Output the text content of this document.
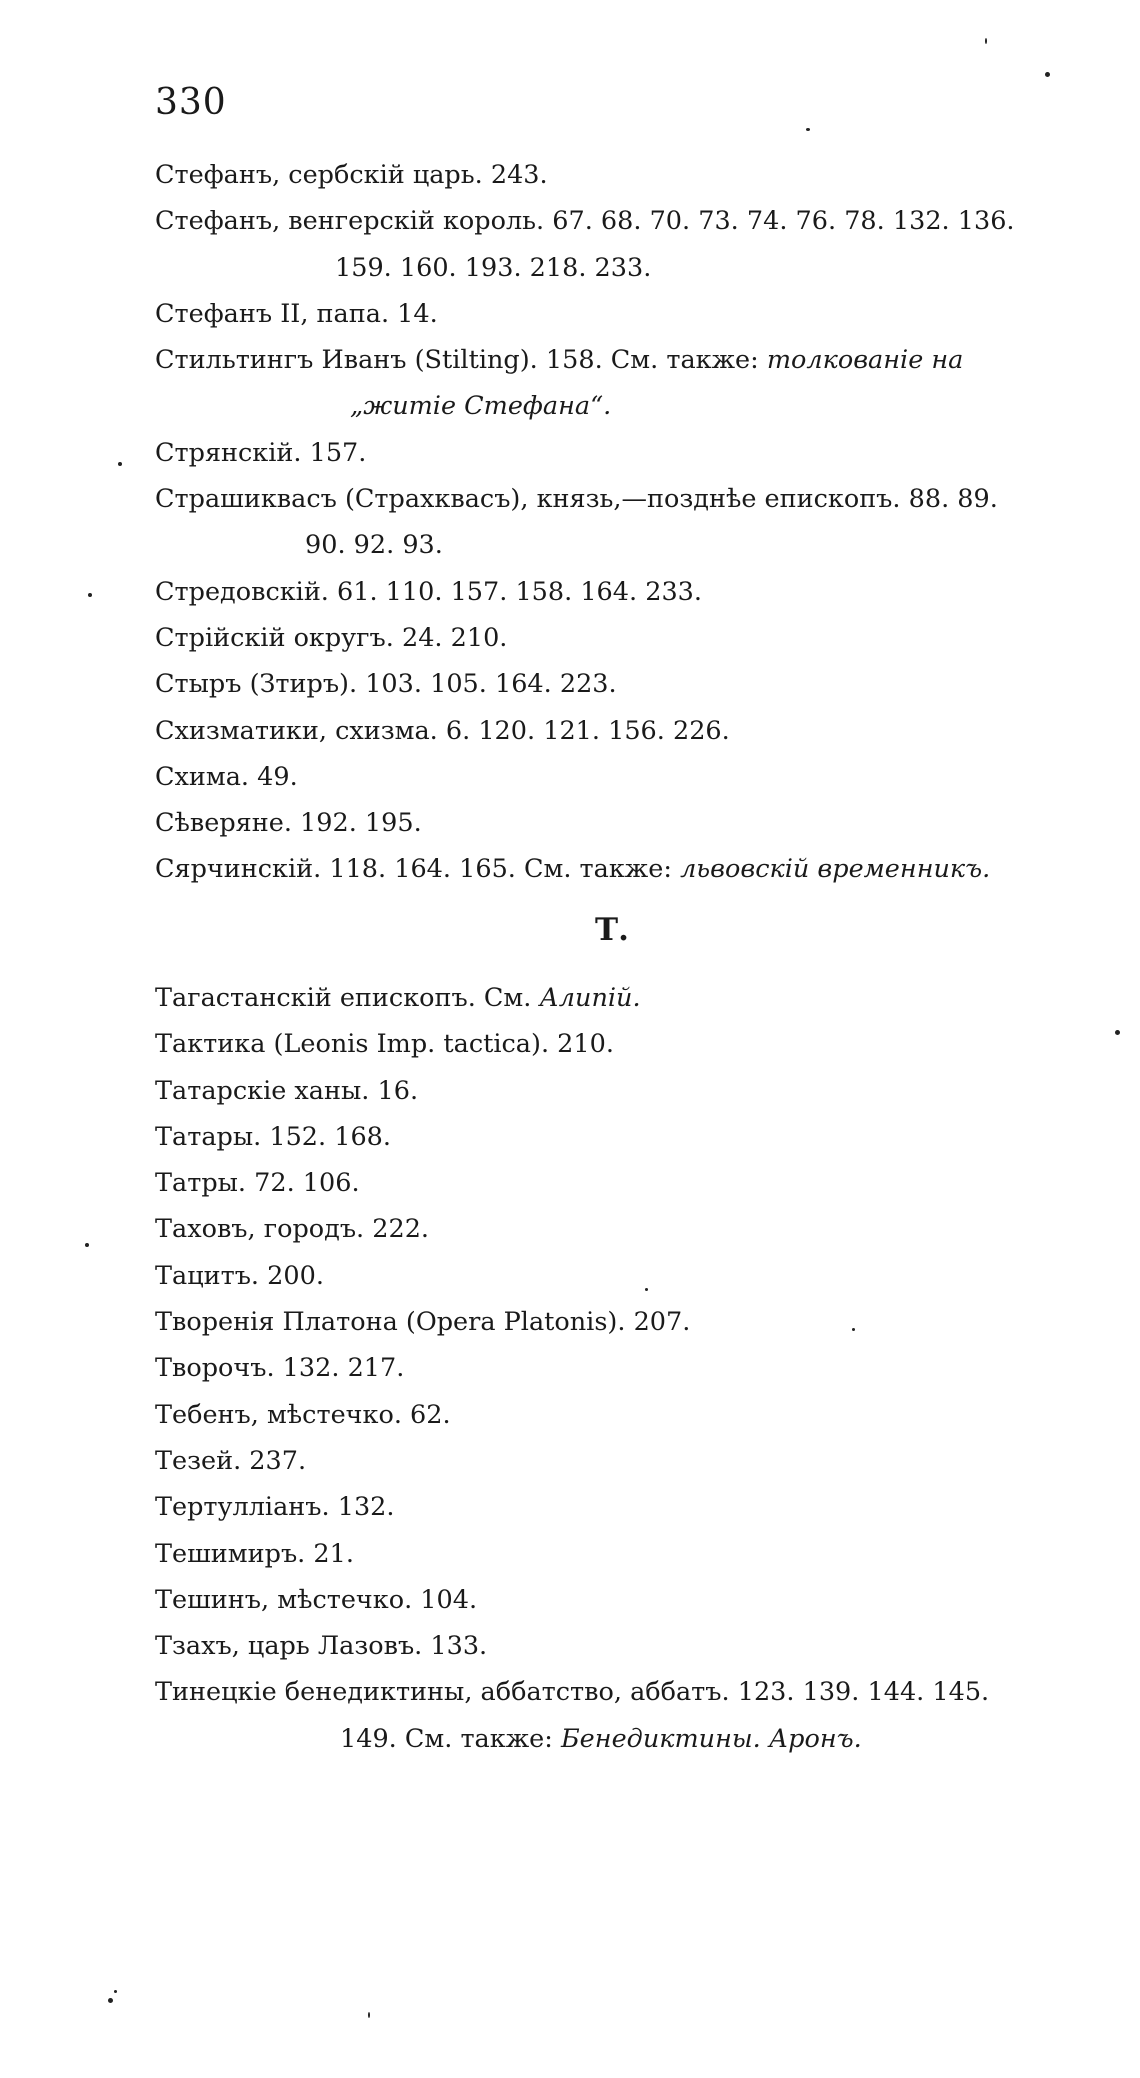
330
Стефанъ, сербскій царь. 243.
Стефанъ, венгерскій король. 67. 68. 70. 73. 74. 76. 78. 132. 136.
159. 160. 193. 218. 233.
Стефанъ II, папа. 14.
Стильтингъ Иванъ (Stilting). 158. См. также: толкованіе на
„житіе Стефана“.
Стрянскій. 157.
Страшиквасъ (Страхквасъ), князь,—позднѣе епископъ. 88. 89.
90. 92. 93.
Стредовскій. 61. 110. 157. 158. 164. 233.
Стрійскій округъ. 24. 210.
Стыръ (Зтиръ). 103. 105. 164. 223.
Схизматики, схизма. 6. 120. 121. 156. 226.
Схима. 49.
Сѣверяне. 192. 195.
Сярчинскій. 118. 164. 165. См. также: львовскій временникъ.
Т.
Тагастанскій епископъ. См. Алипій.
Тактика (Leonis Imp. tactica). 210.
Татарскіе ханы. 16.
Татары. 152. 168.
Татры. 72. 106.
Таховъ, городъ. 222.
Тацитъ. 200.
Творенія Платона (Opera Platonis). 207.
Творочъ. 132. 217.
Тебенъ, мѣстечко. 62.
Тезей. 237.
Тертулліанъ. 132.
Тешимиръ. 21.
Тешинъ, мѣстечко. 104.
Тзахъ, царь Лазовъ. 133.
Тинецкіе бенедиктины, аббатство, аббатъ. 123. 139. 144. 145.
149. См. также: Бенедиктины. Аронъ.
